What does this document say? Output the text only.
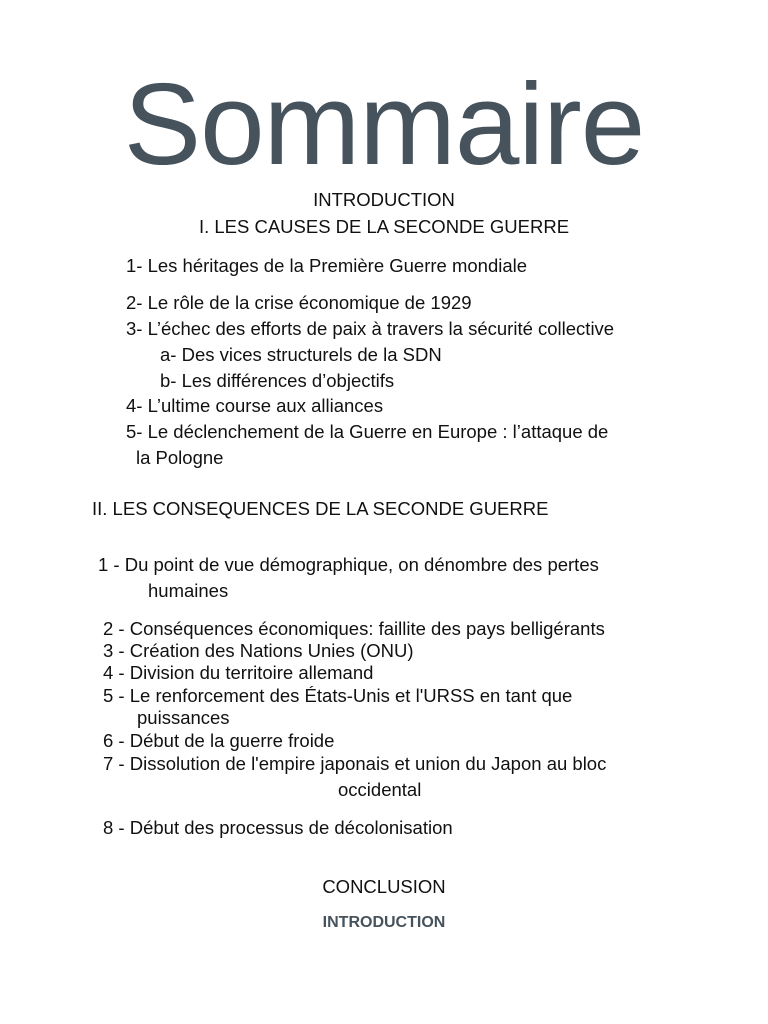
Sommaire
INTRODUCTION
I. LES CAUSES DE LA SECONDE GUERRE
1- Les héritages de la Première Guerre mondiale
2- Le rôle de la crise économique de 1929
3- L’échec des efforts de paix à travers la sécurité collective
a- Des vices structurels de la SDN
b- Les différences d’objectifs
4- L’ultime course aux alliances
5- Le déclenchement de la Guerre en Europe : l’attaque de
la Pologne
II. LES CONSEQUENCES DE LA SECONDE GUERRE
1 - Du point de vue démographique, on dénombre des pertes
humaines
2 - Conséquences économiques: faillite des pays belligérants
3 - Création des Nations Unies (ONU)
4 - Division du territoire allemand
5 - Le renforcement des États-Unis et l'URSS en tant que
puissances
6 - Début de la guerre froide
7 - Dissolution de l'empire japonais et union du Japon au bloc
occidental
8 - Début des processus de décolonisation
CONCLUSION
INTRODUCTION
